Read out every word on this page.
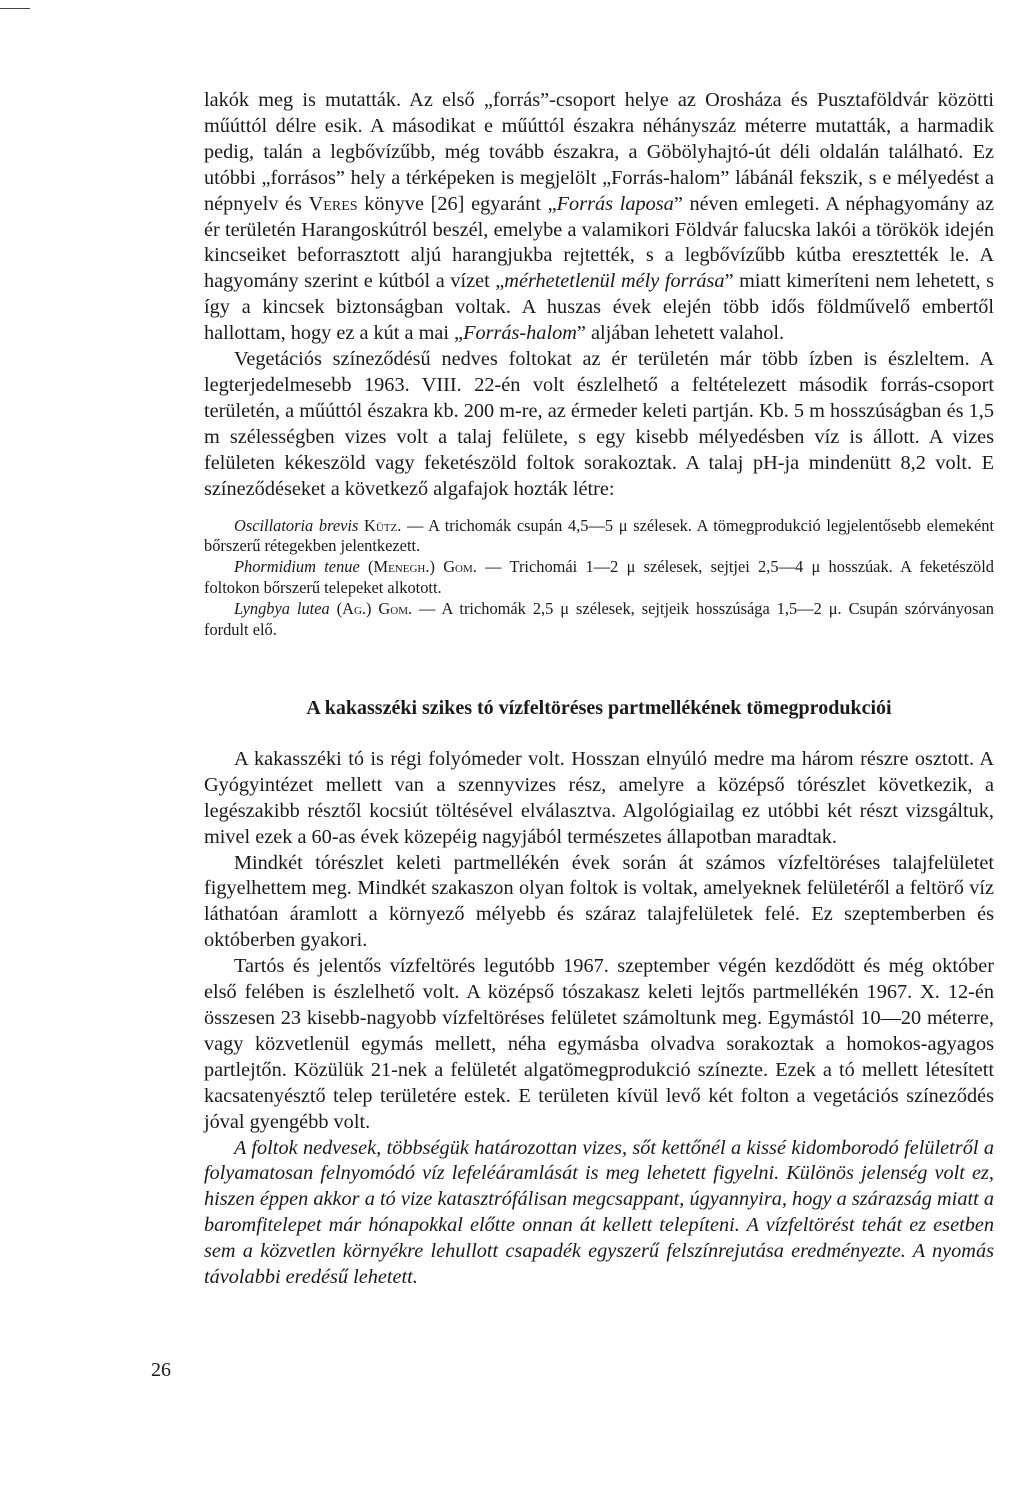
lakók meg is mutatták. Az első „forrás”-csoport helye az Orosháza és Pusztaföldvár közötti műúttól délre esik. A másodikat e műúttól északra néhányszáz méterre mutatták, a harmadik pedig, talán a legbővízűbb, még tovább északra, a Göbölyhajtó-út déli oldalán található. Ez utóbbi „forrásos” hely a térképeken is megjelölt „Forrás-halom” lábánál fekszik, s e mélyedést a népnyelv és Veres könyve [26] egyaránt „Forrás laposa” néven emlegeti. A néphagyomány az ér területén Harangoskútról beszél, emelybe a valamikori Földvár falucska lakói a törökök idején kincseiket beforrasztott aljú harangjukba rejtették, s a legbővízűbb kútba eresztették le. A hagyomány szerint e kútból a vízet „mérhetetlenül mély forrása” miatt kimeríteni nem lehetett, s így a kincsek biztonságban voltak. A huszas évek elején több idős földművelő embertől hallottam, hogy ez a kút a mai „Forrás-halom” aljában lehetett valahol.

Vegetációs színeződésű nedves foltokat az ér területén már több ízben is észleltem. A legterjedelmesebb 1963. VIII. 22-én volt észlelhető a feltételezett második forrás-csoport területén, a műúttól északra kb. 200 m-re, az érmeder keleti partján. Kb. 5 m hosszúságban és 1,5 m szélességben vizes volt a talaj felülete, s egy kisebb mélyedésben víz is állott. A vizes felületen kékeszöld vagy feketészöld foltok sorakoztak. A talaj pH-ja mindenütt 8,2 volt. E színeződéseket a következő algafajok hozták létre:

Oscillatoria brevis Kütz. — A trichomák csupán 4,5—5 μ szélesek. A tömegprodukció legjelentősebb elemeként bőrszerű rétegekben jelentkezett.

Phormidium tenue (Menegh.) Gom. — Trichomái 1—2 μ szélesek, sejtjei 2,5—4 μ hosszúak. A feketészöld foltokon bőrszerű telepeket alkotott.

Lyngbya lutea (Ag.) Gom. — A trichomák 2,5 μ szélesek, sejtjeik hosszúsága 1,5—2 μ. Csupán szórványosan fordult elő.

A kakasszéki szikes tó vízfeltöréses partmellékének tömegprodukciói

A kakasszéki tó is régi folyómeder volt. Hosszan elnyúló medre ma három részre osztott. A Gyógyintézet mellett van a szennyvizes rész, amelyre a középső tórészlet következik, a legészakibb résztől kocsiút töltésével elválasztva. Algológiailag ez utóbbi két részt vizsgáltuk, mivel ezek a 60-as évek közepéig nagyjából természetes állapotban maradtak.

Mindkét tórészlet keleti partmellékén évek során át számos vízfeltöréses talajfelületet figyelhettem meg. Mindkét szakaszon olyan foltok is voltak, amelyeknek felületéről a feltörő víz láthatóan áramlott a környező mélyebb és száraz talajfelületek felé. Ez szeptemberben és októberben gyakori.

Tartós és jelentős vízfeltörés legutóbb 1967. szeptember végén kezdődött és még október első felében is észlelhető volt. A középső tószakasz keleti lejtős partmellékén 1967. X. 12-én összesen 23 kisebb-nagyobb vízfeltöréses felületet számoltunk meg. Egymástól 10—20 méterre, vagy közvetlenül egymás mellett, néha egymásba olvadva sorakoztak a homokos-agyagos partlejtőn. Közülük 21-nek a felületét algatömegprodukció színezte. Ezek a tó mellett létesített kacsatenyésztő telep területére estek. E területen kívül levő két folton a vegetációs színeződés jóval gyengébb volt.

A foltok nedvesek, többségük határozottan vizes, sőt kettőnél a kissé kidomborodó felületről a folyamatosan felnyomódó víz lefeléáramlását is meg lehetett figyelni. Különös jelenség volt ez, hiszen éppen akkor a tó vize katasztrófálisan megcsappant, úgyannyira, hogy a szárazság miatt a baromfitelepet már hónapokkal előtte onnan át kellett telepíteni. A vízfeltörést tehát ez esetben sem a közvetlen környékre lehullott csapadék egyszerű felszínrejutása eredményezte. A nyomás távolabbi eredésű lehetett.

26
